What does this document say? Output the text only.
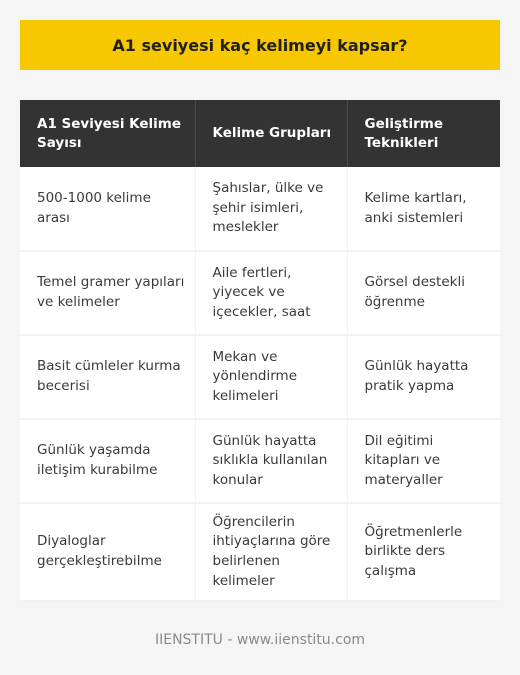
A1 seviyesi kaç kelimeyi kapsar?
A1 Seviyesi Kelime Sayısı	Kelime Grupları	Geliştirme Teknikleri
500-1000 kelime arası	Şahıslar, ülke ve şehir isimleri, meslekler	Kelime kartları, anki sistemleri
Temel gramer yapıları ve kelimeler	Aile fertleri, yiyecek ve içecekler, saat	Görsel destekli öğrenme
Basit cümleler kurma becerisi	Mekan ve yönlendirme kelimeleri	Günlük hayatta pratik yapma
Günlük yaşamda iletişim kurabilme	Günlük hayatta sıklıkla kullanılan konular	Dil eğitimi kitapları ve materyaller
Diyaloglar gerçekleştirebilme	Öğrencilerin ihtiyaçlarına göre belirlenen kelimeler	Öğretmenlerle birlikte ders çalışma
IIENSTITU - www.iienstitu.com
